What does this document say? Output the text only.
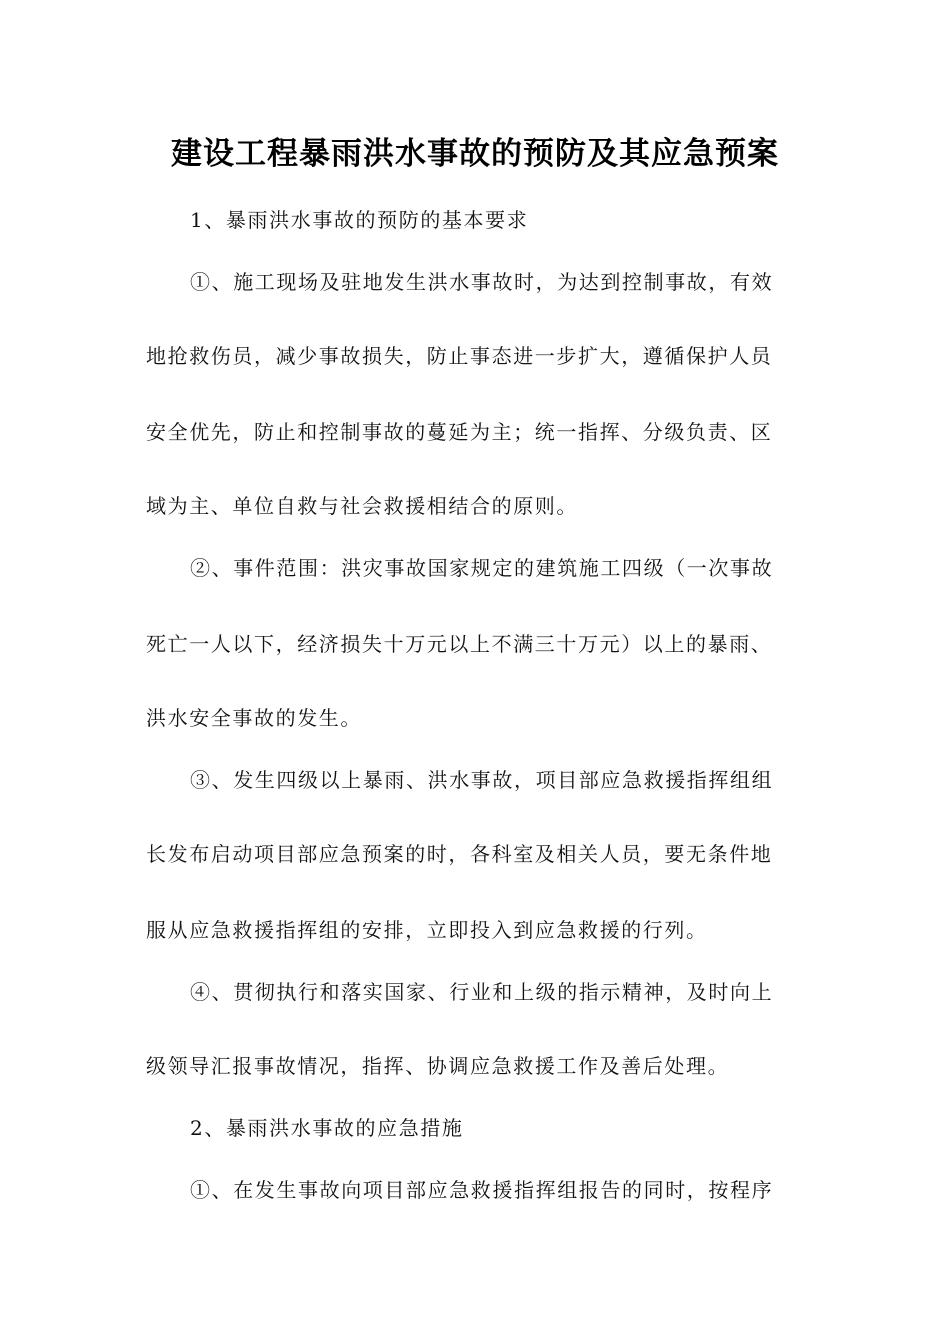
建设工程暴雨洪水事故的预防及其应急预案
1、暴雨洪水事故的预防的基本要求
①、施工现场及驻地发生洪水事故时，为达到控制事故，有效
地抢救伤员，减少事故损失，防止事态进一步扩大，遵循保护人员
安全优先，防止和控制事故的蔓延为主；统一指挥、分级负责、区
域为主、单位自救与社会救援相结合的原则。
②、事件范围：洪灾事故国家规定的建筑施工四级（一次事故
死亡一人以下，经济损失十万元以上不满三十万元）以上的暴雨、
洪水安全事故的发生。
③、发生四级以上暴雨、洪水事故，项目部应急救援指挥组组
长发布启动项目部应急预案的时，各科室及相关人员，要无条件地
服从应急救援指挥组的安排，立即投入到应急救援的行列。
④、贯彻执行和落实国家、行业和上级的指示精神，及时向上
级领导汇报事故情况，指挥、协调应急救援工作及善后处理。
2、暴雨洪水事故的应急措施
①、在发生事故向项目部应急救援指挥组报告的同时，按程序
